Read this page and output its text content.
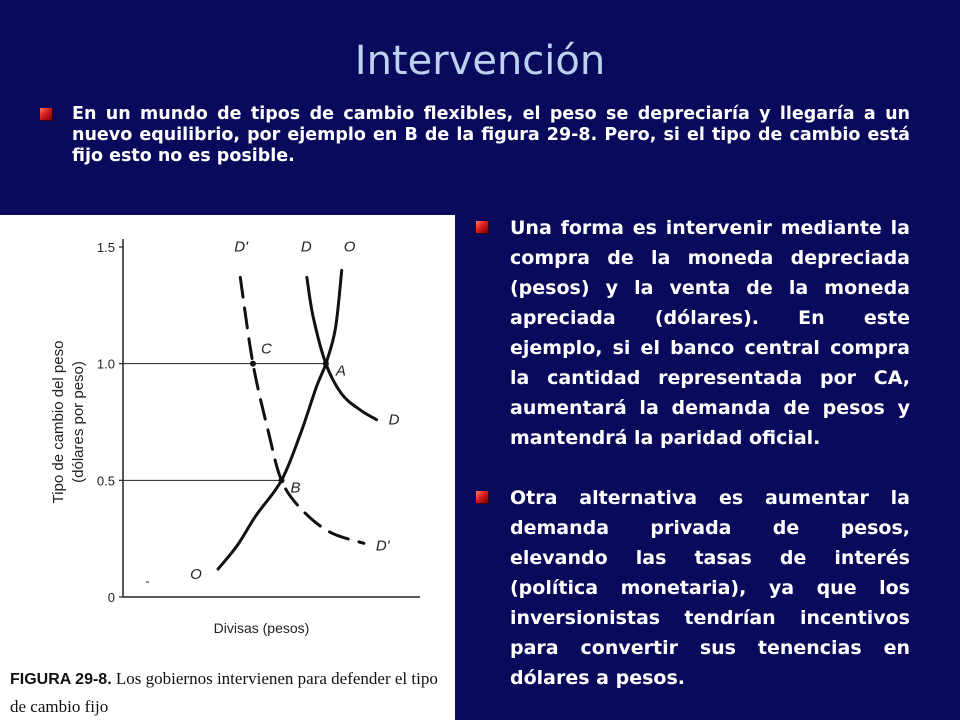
Intervención
En un mundo de tipos de cambio flexibles, el peso se depreciaría y llegaría a un nuevo equilibrio, por ejemplo en B de la figura 29-8. Pero, si el tipo de cambio está fijo esto no es posible.
0
0.5
1.0
1.5
Tipo de cambio del peso (dólares por peso)
Divisas (pesos)
O
O
D
D
D'
D'
A
B
C
-
FIGURA 29-8. Los gobiernos intervienen para defender el tipo de cambio fijo
Una forma es intervenir mediante la compra de la moneda depreciada (pesos) y la venta de la moneda apreciada (dólares). En este ejemplo, si el banco central compra la cantidad representada por CA, aumentará la demanda de pesos y mantendrá la paridad oficial.
Otra alternativa es aumentar la demanda privada de pesos, elevando las tasas de interés (política monetaria), ya que los inversionistas tendrían incentivos para convertir sus tenencias en dólares a pesos.
